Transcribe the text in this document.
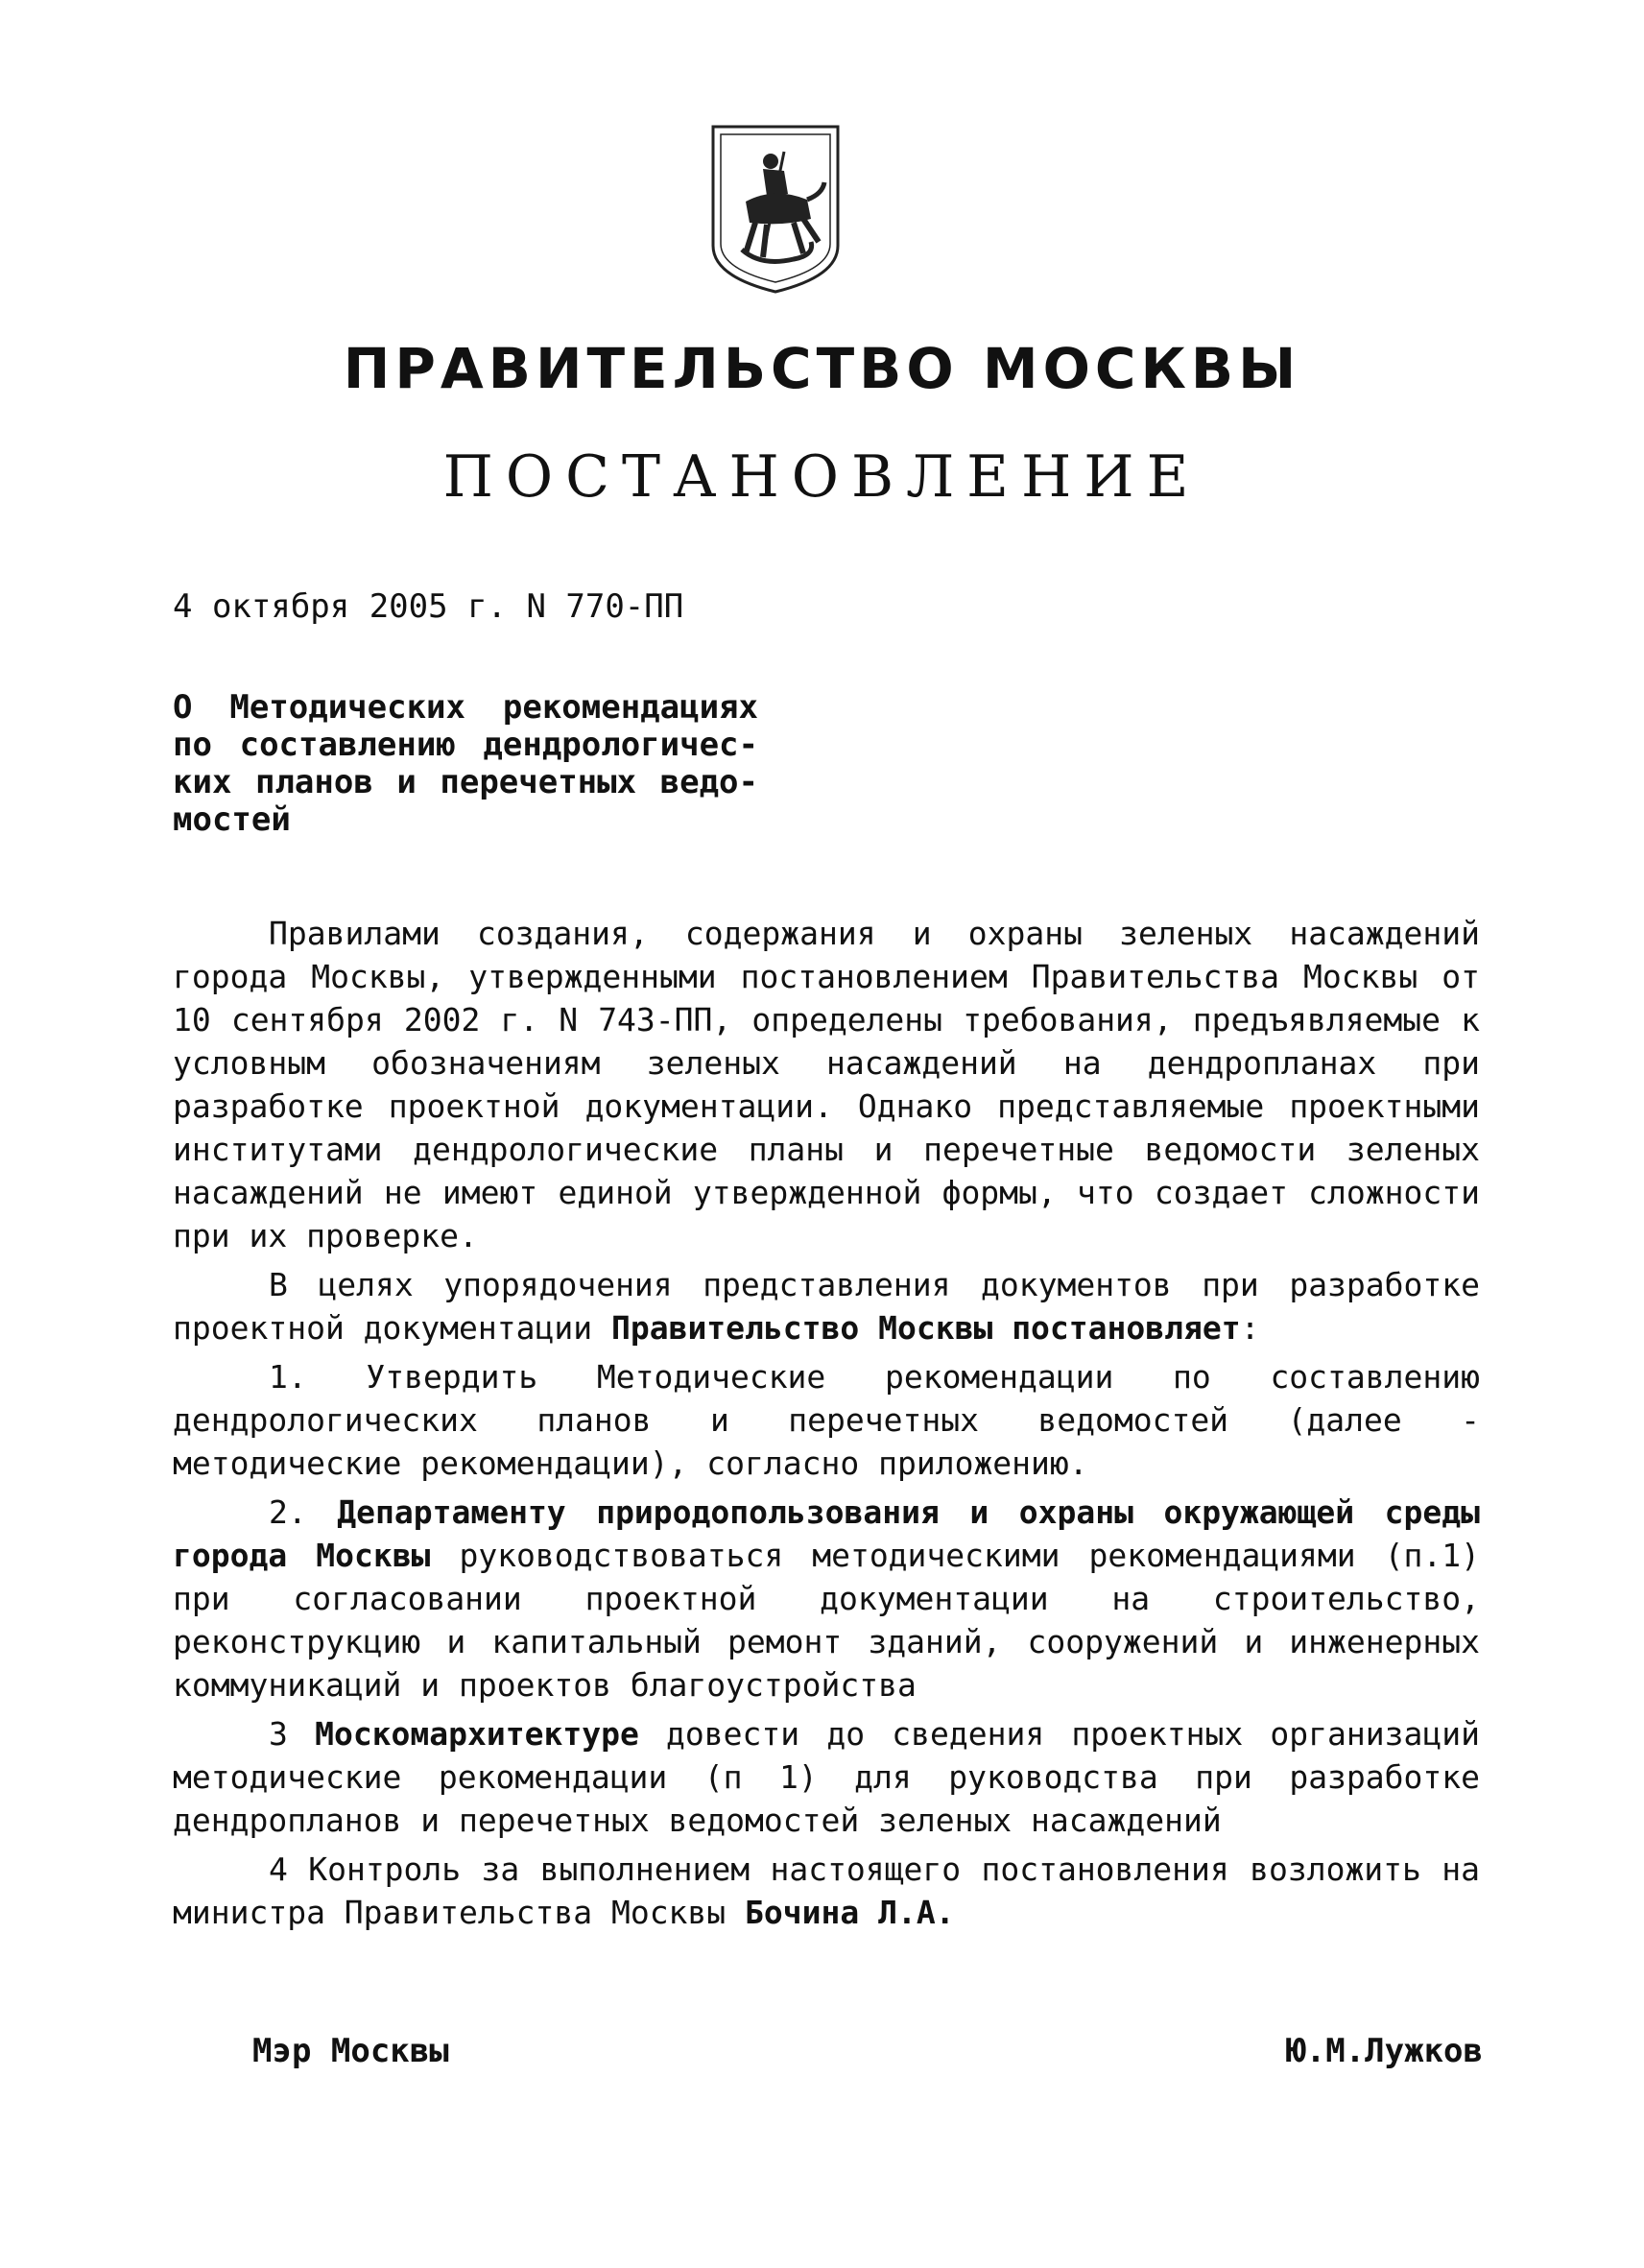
ПРАВИТЕЛЬСТВО МОСКВЫ
ПОСТАНОВЛЕНИЕ
4 октября 2005 г. N 770-ПП
О Методических рекомендациях
по составлению дендрологичес-
ких планов и перечетных ведо-
мостей

Правилами создания, содержания и охраны зеленых насаждений города Москвы, утвержденными постановлением Правительства Москвы от 10 сентября 2002 г. N 743-ПП, определены требования, предъявляемые к условным обозначениям зеленых насаждений на дендропланах при разработке проектной документации. Однако представляемые проектными институтами дендрологические планы и перечетные ведомости зеленых насаждений не имеют единой утвержденной формы, что создает сложности при их проверке.

В целях упорядочения представления документов при разработке проектной документации Правительство Москвы постановляет:

1. Утвердить Методические рекомендации по составлению дендрологических планов и перечетных ведомостей (далее - методические рекомендации), согласно приложению.

2. Департаменту природопользования и охраны окружающей среды города Москвы руководствоваться методическими рекомендациями (п.1) при согласовании проектной документации на строительство, реконструкцию и капитальный ремонт зданий, сооружений и инженерных коммуникаций и проектов благоустройства

3 Москомархитектуре довести до сведения проектных организаций методические рекомендации (п 1) для руководства при разработке дендропланов и перечетных ведомостей зеленых насаждений

4 Контроль за выполнением настоящего постановления возложить на министра Правительства Москвы Бочина Л.А.

Мэр Москвы	Ю.М.Лужков
